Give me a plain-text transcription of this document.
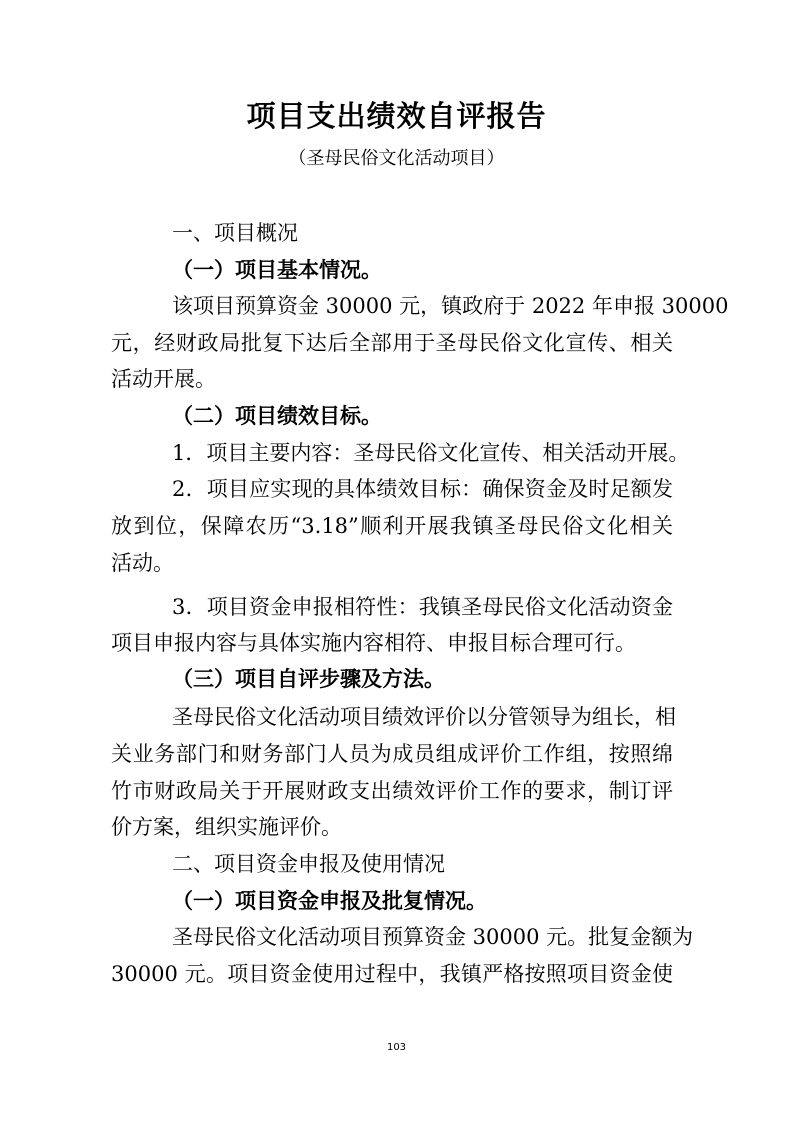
项目支出绩效自评报告
（圣母民俗文化活动项目）
一、项目概况
（一）项目基本情况。
该项目预算资金 30000 元，镇政府于 2022 年申报 30000
元，经财政局批复下达后全部用于圣母民俗文化宣传、相关
活动开展。
（二）项目绩效目标。
1．项目主要内容：圣母民俗文化宣传、相关活动开展。
2．项目应实现的具体绩效目标：确保资金及时足额发
放到位，保障农历“3.18”顺利开展我镇圣母民俗文化相关
活动。
3．项目资金申报相符性：我镇圣母民俗文化活动资金
项目申报内容与具体实施内容相符、申报目标合理可行。
（三）项目自评步骤及方法。
圣母民俗文化活动项目绩效评价以分管领导为组长，相
关业务部门和财务部门人员为成员组成评价工作组，按照绵
竹市财政局关于开展财政支出绩效评价工作的要求，制订评
价方案，组织实施评价。
二、项目资金申报及使用情况
（一）项目资金申报及批复情况。
圣母民俗文化活动项目预算资金 30000 元。批复金额为
30000 元。项目资金使用过程中，我镇严格按照项目资金使
103
